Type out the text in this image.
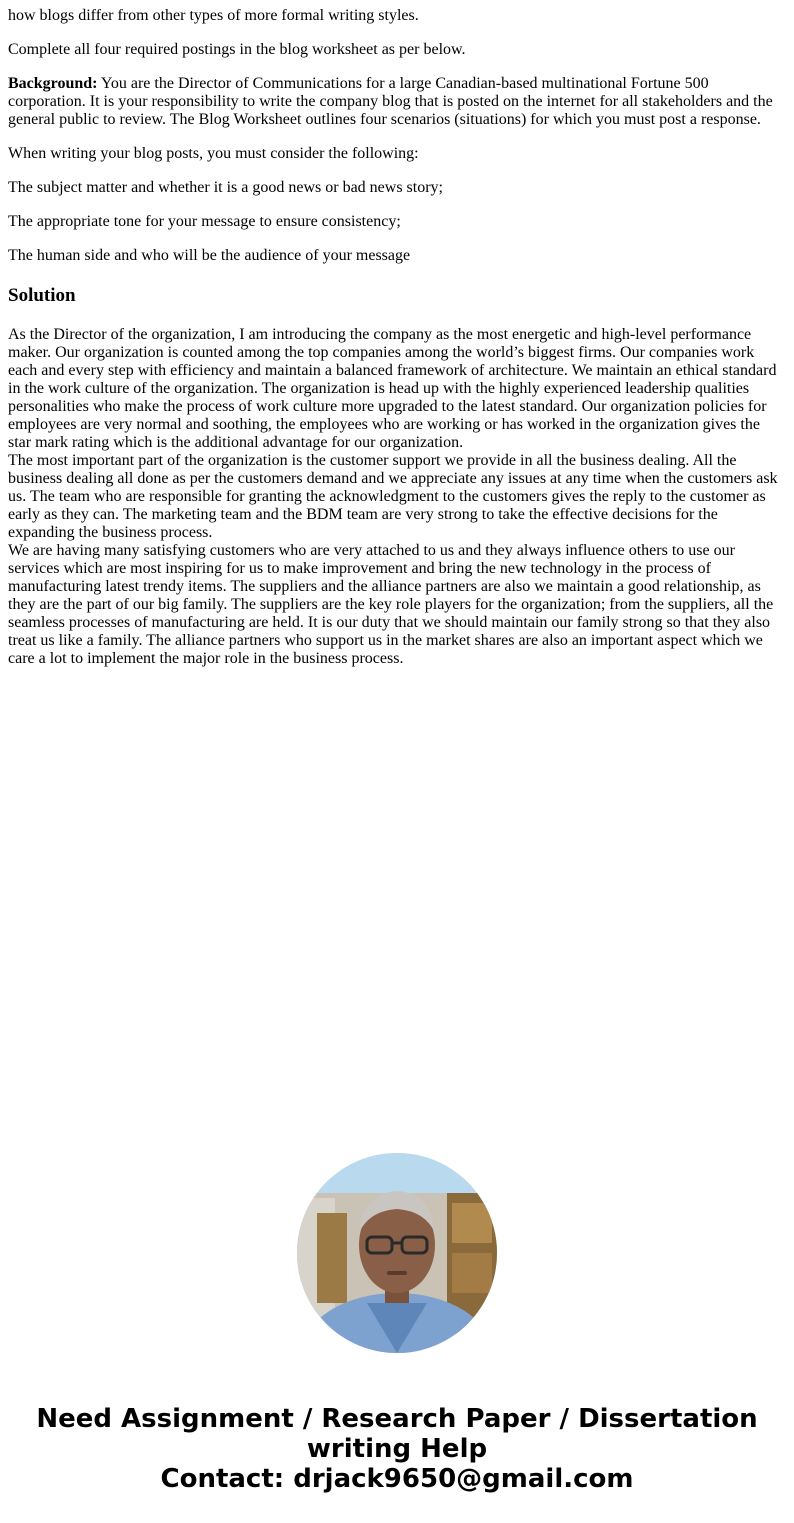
how blogs differ from other types of more formal writing styles.

Complete all four required postings in the blog worksheet as per below.

Background: You are the Director of Communications for a large Canadian-based multinational Fortune 500 corporation. It is your responsibility to write the company blog that is posted on the internet for all stakeholders and the general public to review. The Blog Worksheet outlines four scenarios (situations) for which you must post a response.

When writing your blog posts, you must consider the following:

The subject matter and whether it is a good news or bad news story;

The appropriate tone for your message to ensure consistency;

The human side and who will be the audience of your message

Solution

As the Director of the organization, I am introducing the company as the most energetic and high-level performance maker. Our organization is counted among the top companies among the world’s biggest firms. Our companies work each and every step with efficiency and maintain a balanced framework of architecture. We maintain an ethical standard in the work culture of the organization. The organization is head up with the highly experienced leadership qualities personalities who make the process of work culture more upgraded to the latest standard. Our organization policies for employees are very normal and soothing, the employees who are working or has worked in the organization gives the star mark rating which is the additional advantage for our organization.

The most important part of the organization is the customer support we provide in all the business dealing. All the business dealing all done as per the customers demand and we appreciate any issues at any time when the customers ask us. The team who are responsible for granting the acknowledgment to the customers gives the reply to the customer as early as they can. The marketing team and the BDM team are very strong to take the effective decisions for the expanding the business process.

We are having many satisfying customers who are very attached to us and they always influence others to use our services which are most inspiring for us to make improvement and bring the new technology in the process of manufacturing latest trendy items. The suppliers and the alliance partners are also we maintain a good relationship, as they are the part of our big family. The suppliers are the key role players for the organization; from the suppliers, all the seamless processes of manufacturing are held. It is our duty that we should maintain our family strong so that they also treat us like a family. The alliance partners who support us in the market shares are also an important aspect which we care a lot to implement the major role in the business process.

Need Assignment / Research Paper / Dissertation
writing Help
Contact: drjack9650@gmail.com
